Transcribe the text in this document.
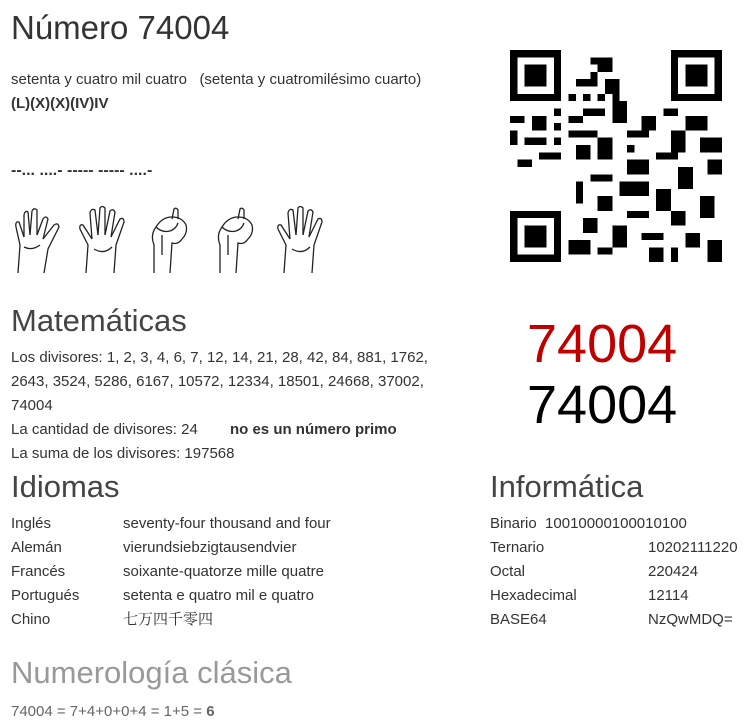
Número 74004
setenta y cuatro mil cuatro (setenta y cuatromilésimo cuarto)
(L)(X)(X)(IV)IV
--... ....- ----- ----- ....-
Matemáticas
Los divisores: 1, 2, 3, 4, 6, 7, 12, 14, 21, 28, 42, 84, 881, 1762,
2643, 3524, 5286, 6167, 10572, 12334, 18501, 24668, 37002,
74004
La cantidad de divisores: 24 no es un número primo
La suma de los divisores: 197568
74004
74004
Idiomas
Inglés	seventy-four thousand and four
Alemán	vierundsiebzigtausendvier
Francés	soixante-quatorze mille quatre
Portugués	setenta e quatro mil e quatro
Chino	七万四千零四
Informática
Binario 10010000100010100
Ternario	10202111220
Octal	220424
Hexadecimal	12114
BASE64	NzQwMDQ=
Numerología clásica
74004 = 7+4+0+0+4 = 1+5 = 6
